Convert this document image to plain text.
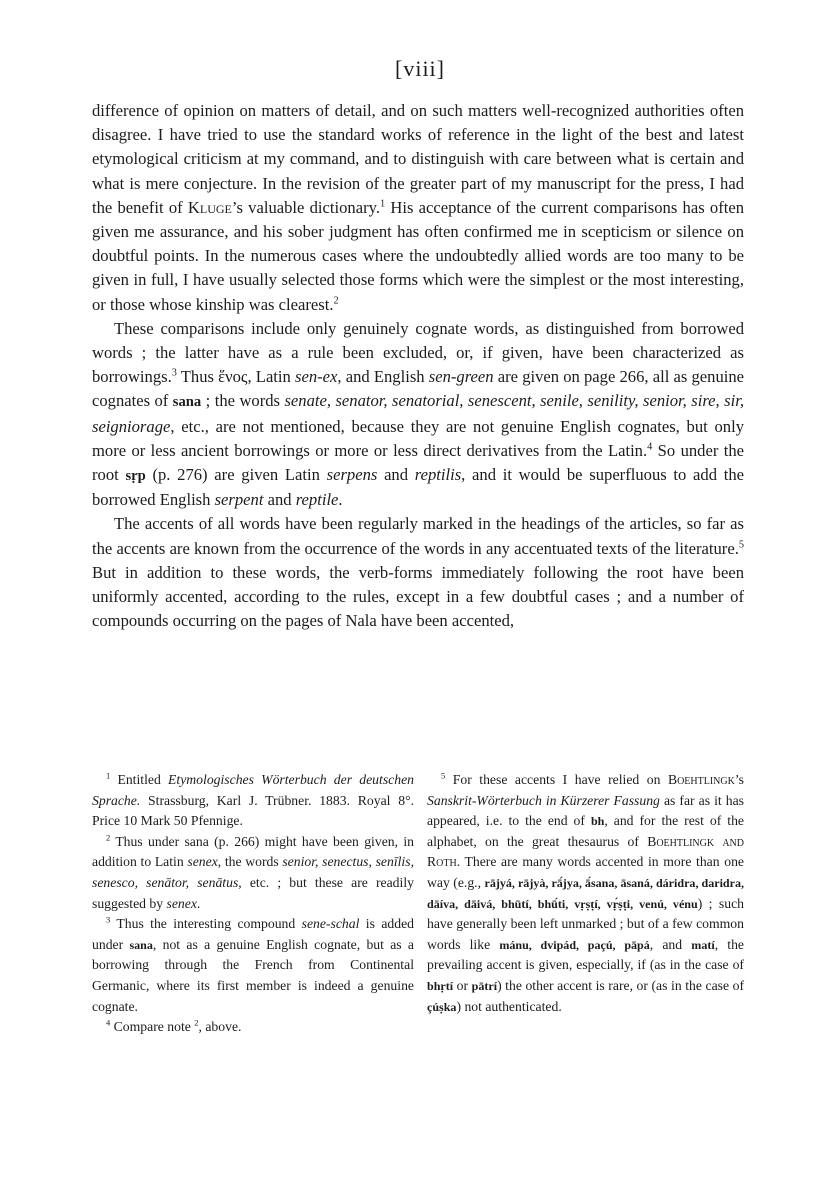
[viii]

difference of opinion on matters of detail, and on such matters well-recognized authorities often disagree. I have tried to use the standard works of reference in the light of the best and latest etymological criticism at my command, and to distinguish with care between what is certain and what is mere conjecture. In the revision of the greater part of my manuscript for the press, I had the benefit of Kluge’s valuable dictionary.$^1$ His acceptance of the current comparisons has often given me assurance, and his sober judgment has often confirmed me in scepticism or silence on doubtful points. In the numerous cases where the undoubtedly allied words are too many to be given in full, I have usually selected those forms which were the simplest or the most interesting, or those whose kinship was clearest.$^2$

These comparisons include only genuinely cognate words, as distinguished from borrowed words ; the latter have as a rule been excluded, or, if given, have been characterized as borrowings.$^3$ Thus ἕνος, Latin sen-ex, and English sen-green are given on page 266, all as genuine cognates of sana ; the words senate, senator, senatorial, senescent, senile, senility, senior, sire, sir, seigniorage, etc., are not mentioned, because they are not genuine English cognates, but only more or less ancient borrowings or more or less direct derivatives from the Latin.$^4$ So under the root sṛp (p. 276) are given Latin serpens and reptilis, and it would be superfluous to add the borrowed English serpent and reptile.

The accents of all words have been regularly marked in the headings of the articles, so far as the accents are known from the occurrence of the words in any accentuated texts of the literature.$^5$ But in addition to these words, the verb-forms immediately following the root have been uniformly accented, according to the rules, except in a few doubtful cases ; and a number of compounds occurring on the pages of Nala have been accented,

$^1$ Entitled Etymologisches Wörterbuch der deutschen Sprache. Strassburg, Karl J. Trübner. 1883. Royal 8°. Price 10 Mark 50 Pfennige.

$^2$ Thus under sana (p. 266) might have been given, in addition to Latin senex, the words senior, senectus, senīlis, senesco, senātor, senātus, etc. ; but these are readily suggested by senex.

$^3$ Thus the interesting compound sene-schal is added under sana, not as a genuine English cognate, but as a borrowing through the French from Continental Germanic, where its first member is indeed a genuine cognate.

$^4$ Compare note $^2$, above.

$^5$ For these accents I have relied on Boehtlingk’s Sanskrit-Wörterbuch in Kürzerer Fassung as far as it has appeared, i.e. to the end of bh, and for the rest of the alphabet, on the great thesaurus of Boehtlingk and Roth. There are many words accented in more than one way (e.g., rājyá, rājyà, rā́jya, ā́sana, āsaná, dáridra, daridra, dāíva, dāivá, bhūtí, bhū́ti, vṛṣṭí, vṛ́ṣṭi, venú, vénu) ; such have generally been left unmarked ; but of a few common words like mánu, dvipád, paçú, pāpá, and matí, the prevailing accent is given, especially, if (as in the case of bhṛtí or pātrí) the other accent is rare, or (as in the case of çúṣka) not authenticated.
